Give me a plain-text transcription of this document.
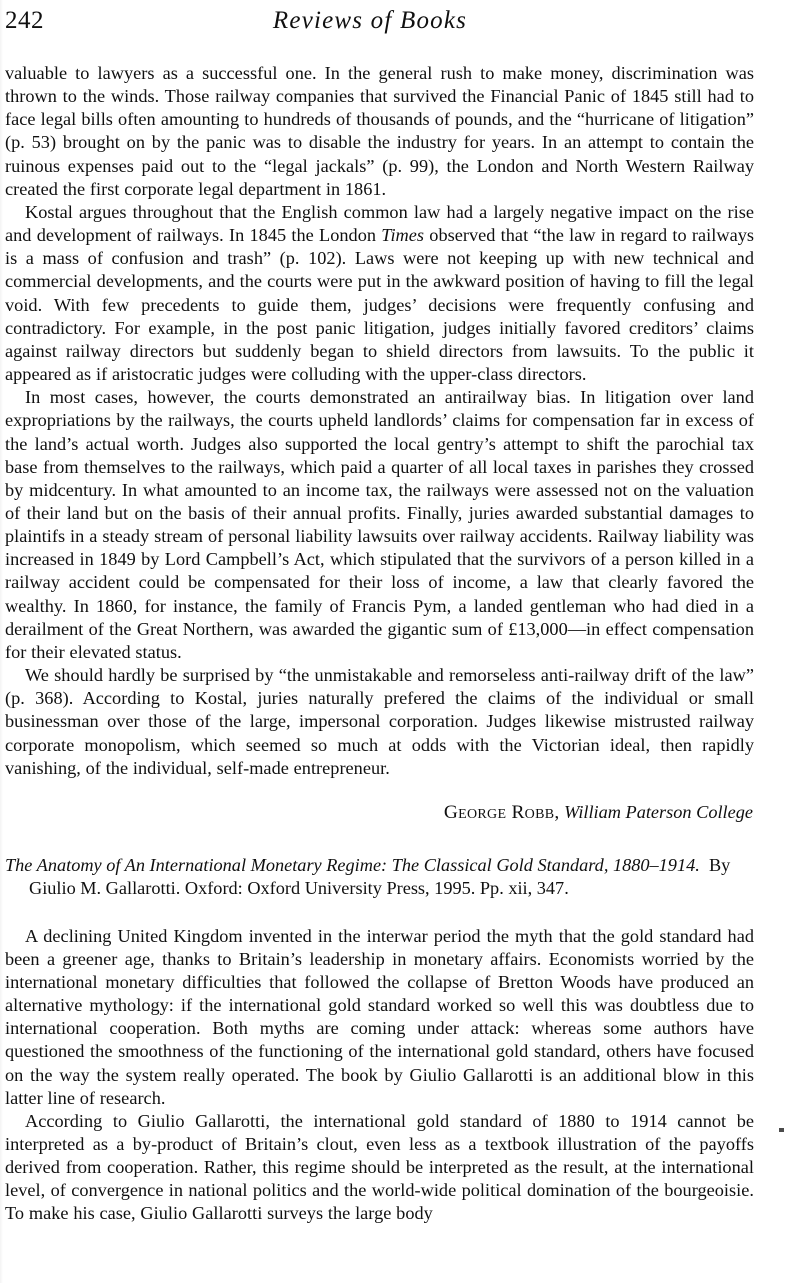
242	Reviews of Books

valuable to lawyers as a successful one. In the general rush to make money, discrimination was thrown to the winds. Those railway companies that survived the Financial Panic of 1845 still had to face legal bills often amounting to hundreds of thousands of pounds, and the “hurricane of litigation” (p. 53) brought on by the panic was to disable the industry for years. In an attempt to contain the ruinous expenses paid out to the “legal jackals” (p. 99), the London and North Western Railway created the first corporate legal department in 1861.

Kostal argues throughout that the English common law had a largely negative impact on the rise and development of railways. In 1845 the London Times observed that “the law in regard to railways is a mass of confusion and trash” (p. 102). Laws were not keeping up with new technical and commercial developments, and the courts were put in the awkward position of having to fill the legal void. With few precedents to guide them, judges’ decisions were frequently confusing and contradictory. For example, in the post panic litigation, judges initially favored creditors’ claims against railway directors but suddenly began to shield directors from lawsuits. To the public it appeared as if aristocratic judges were colluding with the upper-class directors.

In most cases, however, the courts demonstrated an antirailway bias. In litigation over land expropriations by the railways, the courts upheld landlords’ claims for compensation far in excess of the land’s actual worth. Judges also supported the local gentry’s attempt to shift the parochial tax base from themselves to the railways, which paid a quarter of all local taxes in parishes they crossed by midcentury. In what amounted to an income tax, the railways were assessed not on the valuation of their land but on the basis of their annual profits. Finally, juries awarded substantial damages to plaintifs in a steady stream of personal liability lawsuits over railway accidents. Railway liability was increased in 1849 by Lord Campbell’s Act, which stipulated that the survivors of a person killed in a railway accident could be compensated for their loss of income, a law that clearly favored the wealthy. In 1860, for instance, the family of Francis Pym, a landed gentleman who had died in a derailment of the Great Northern, was awarded the gigantic sum of £13,000—in effect compensation for their elevated status.

We should hardly be surprised by “the unmistakable and remorseless anti-railway drift of the law” (p. 368). According to Kostal, juries naturally prefered the claims of the individual or small businessman over those of the large, impersonal corporation. Judges likewise mistrusted railway corporate monopolism, which seemed so much at odds with the Victorian ideal, then rapidly vanishing, of the individual, self-made entrepreneur.

George Robb, William Paterson College

The Anatomy of An International Monetary Regime: The Classical Gold Standard, 1880–1914. By Giulio M. Gallarotti. Oxford: Oxford University Press, 1995. Pp. xii, 347.

A declining United Kingdom invented in the interwar period the myth that the gold standard had been a greener age, thanks to Britain’s leadership in monetary affairs. Economists worried by the international monetary difficulties that followed the collapse of Bretton Woods have produced an alternative mythology: if the international gold standard worked so well this was doubtless due to international cooperation. Both myths are coming under attack: whereas some authors have questioned the smoothness of the functioning of the international gold standard, others have focused on the way the system really operated. The book by Giulio Gallarotti is an additional blow in this latter line of research.

According to Giulio Gallarotti, the international gold standard of 1880 to 1914 cannot be interpreted as a by-product of Britain’s clout, even less as a textbook illustration of the payoffs derived from cooperation. Rather, this regime should be interpreted as the result, at the international level, of convergence in national politics and the world-wide political domination of the bourgeoisie. To make his case, Giulio Gallarotti surveys the large body
